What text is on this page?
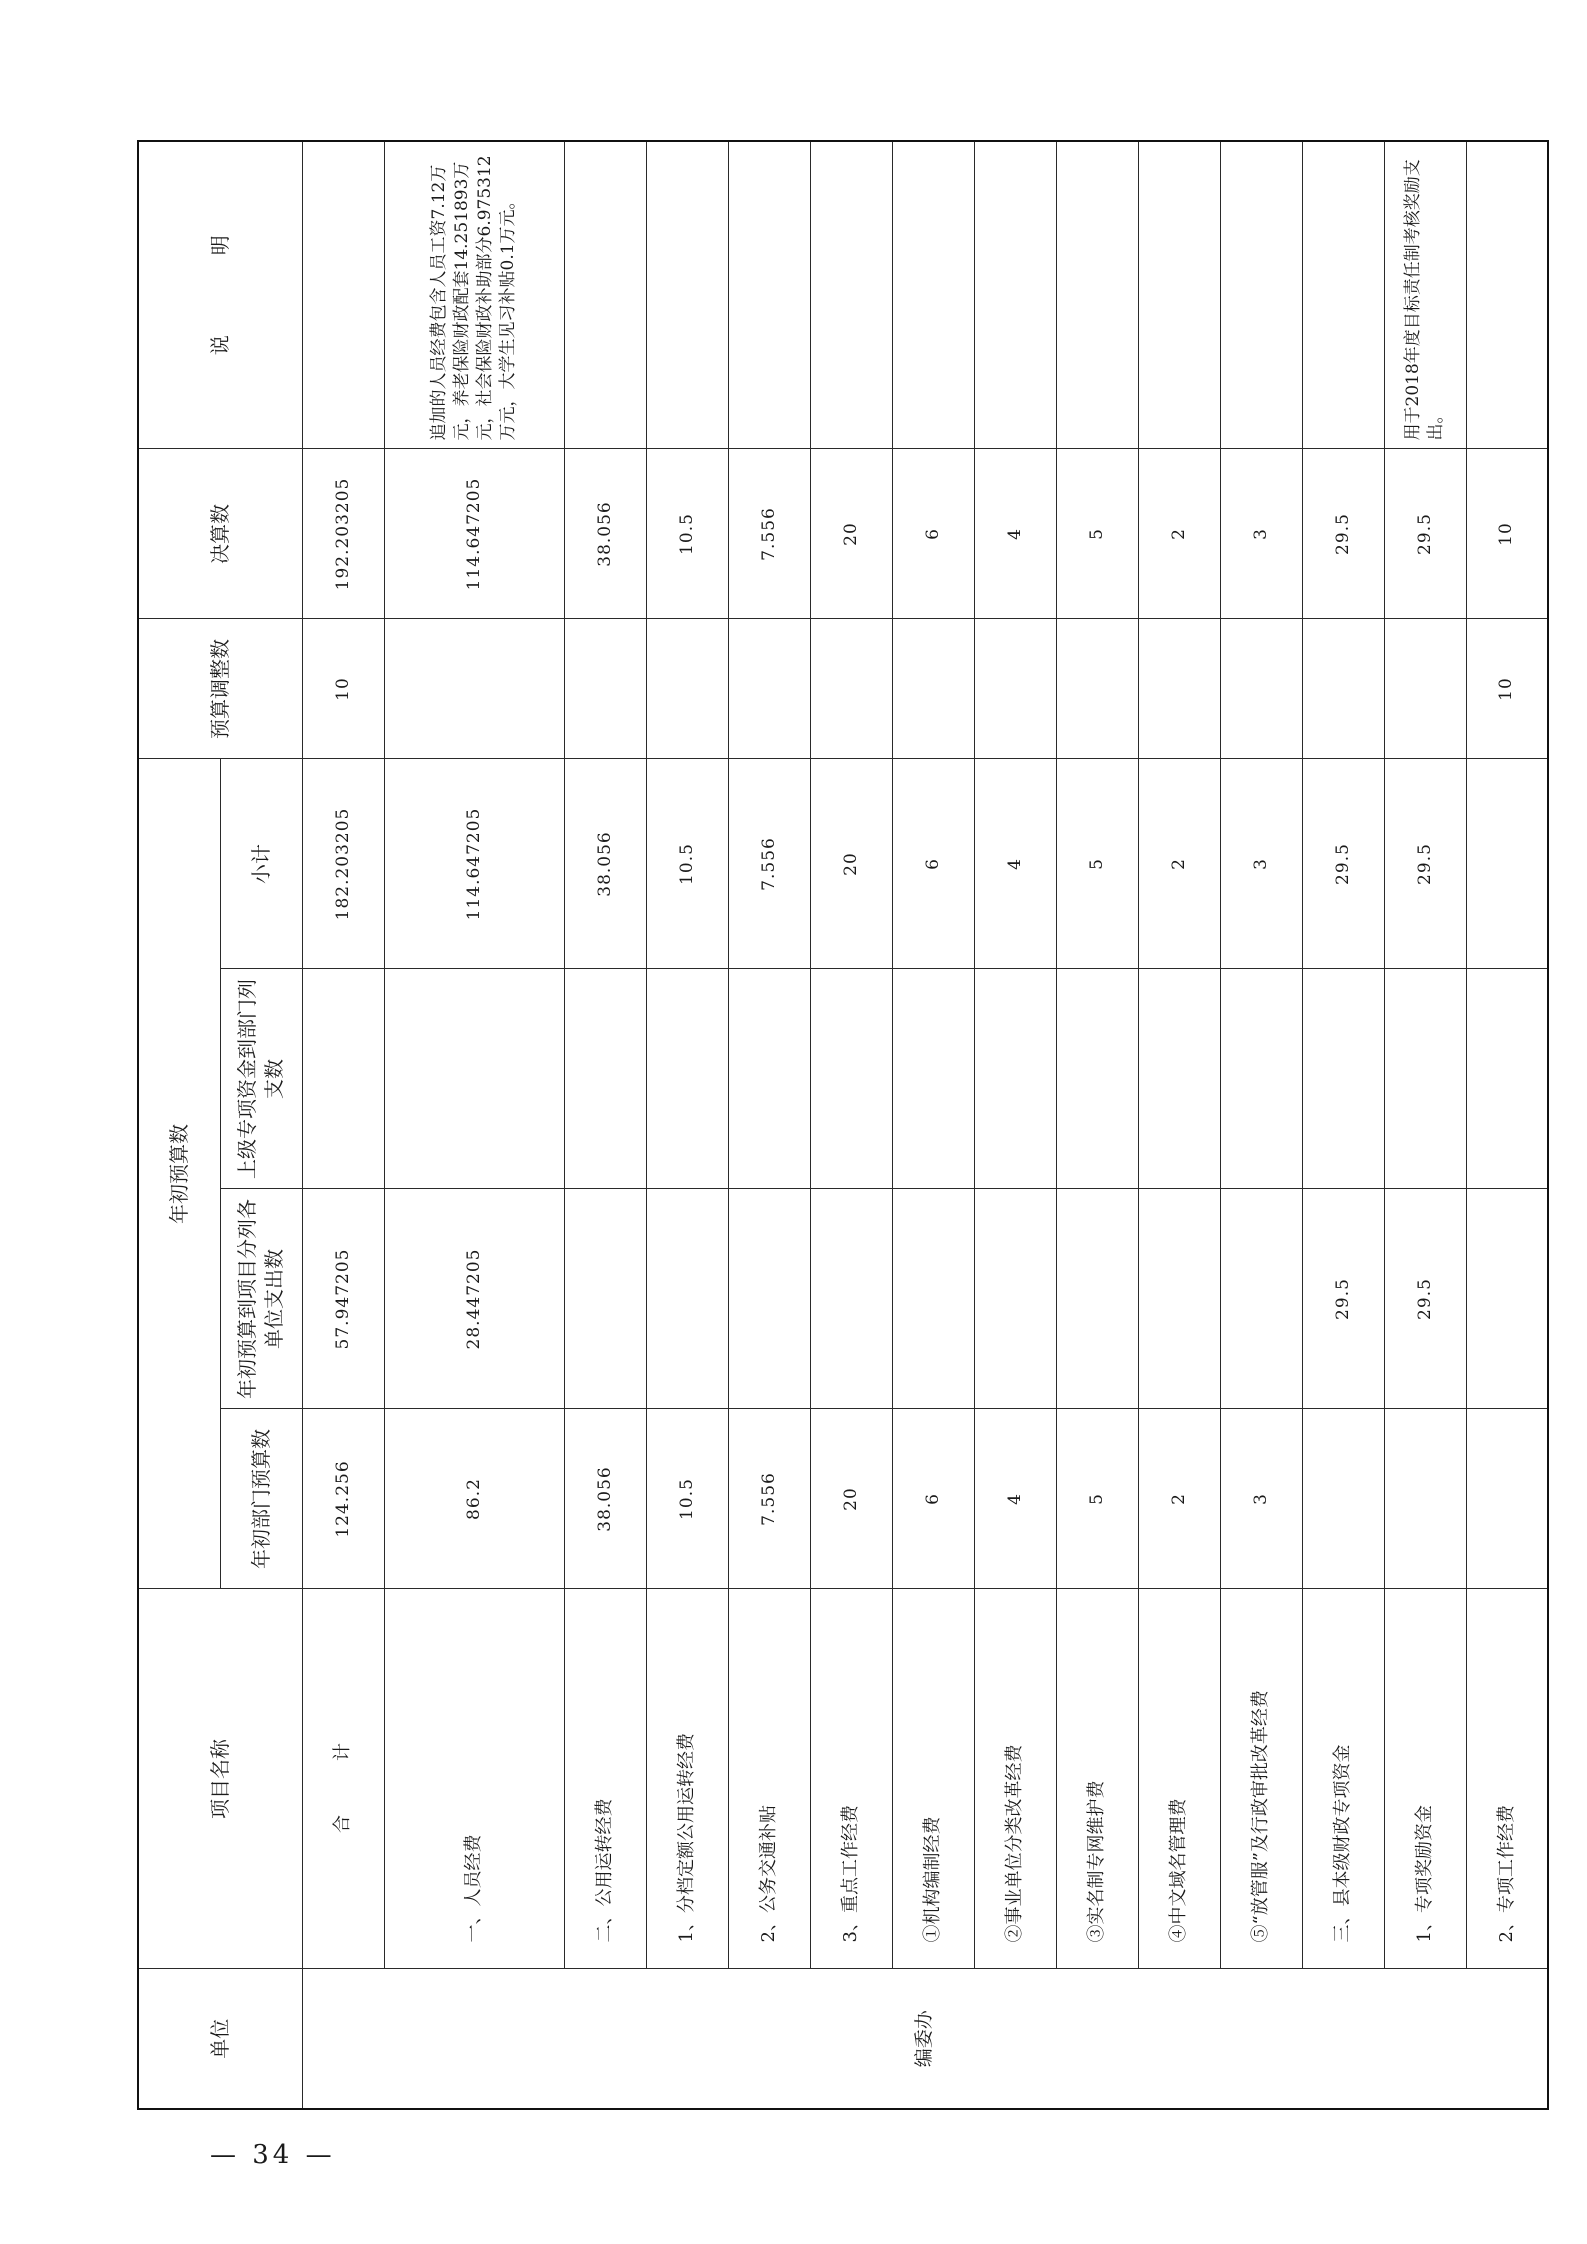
单位	项目名称	年初预算数				预算调整数	决算数	说　　　　明
		年初部门预算数	年初预算到项目分列各单位支出数	上级专项资金到部门列支数	小计			
编委办	合　计	124.256	57.947205		182.203205	10	192.203205	
	一、人员经费	86.2	28.447205		114.647205		114.647205	追加的人员经费包含人员工资7.12万元，养老保险财政配套14.251893万元，社会保险财政补助部分6.975312万元，大学生见习补贴0.1万元。
	二、公用运转经费	38.056			38.056		38.056	
	1、分档定额公用运转经费	10.5			10.5		10.5	
	2、公务交通补贴	7.556			7.556		7.556	
	3、重点工作经费	20			20		20	
	①机构编制经费	6			6		6	
	②事业单位分类改革经费	4			4		4	
	③实名制专网维护费	5			5		5	
	④中文域名管理费	2			2		2	
	⑤“放管服”及行政审批改革经费	3			3		3	
	三、县本级财政专项资金		29.5		29.5		29.5	
	1、专项奖励资金		29.5		29.5		29.5	用于2018年度目标责任制考核奖励支出。
	2、专项工作经费					10	10	
— 34 —
